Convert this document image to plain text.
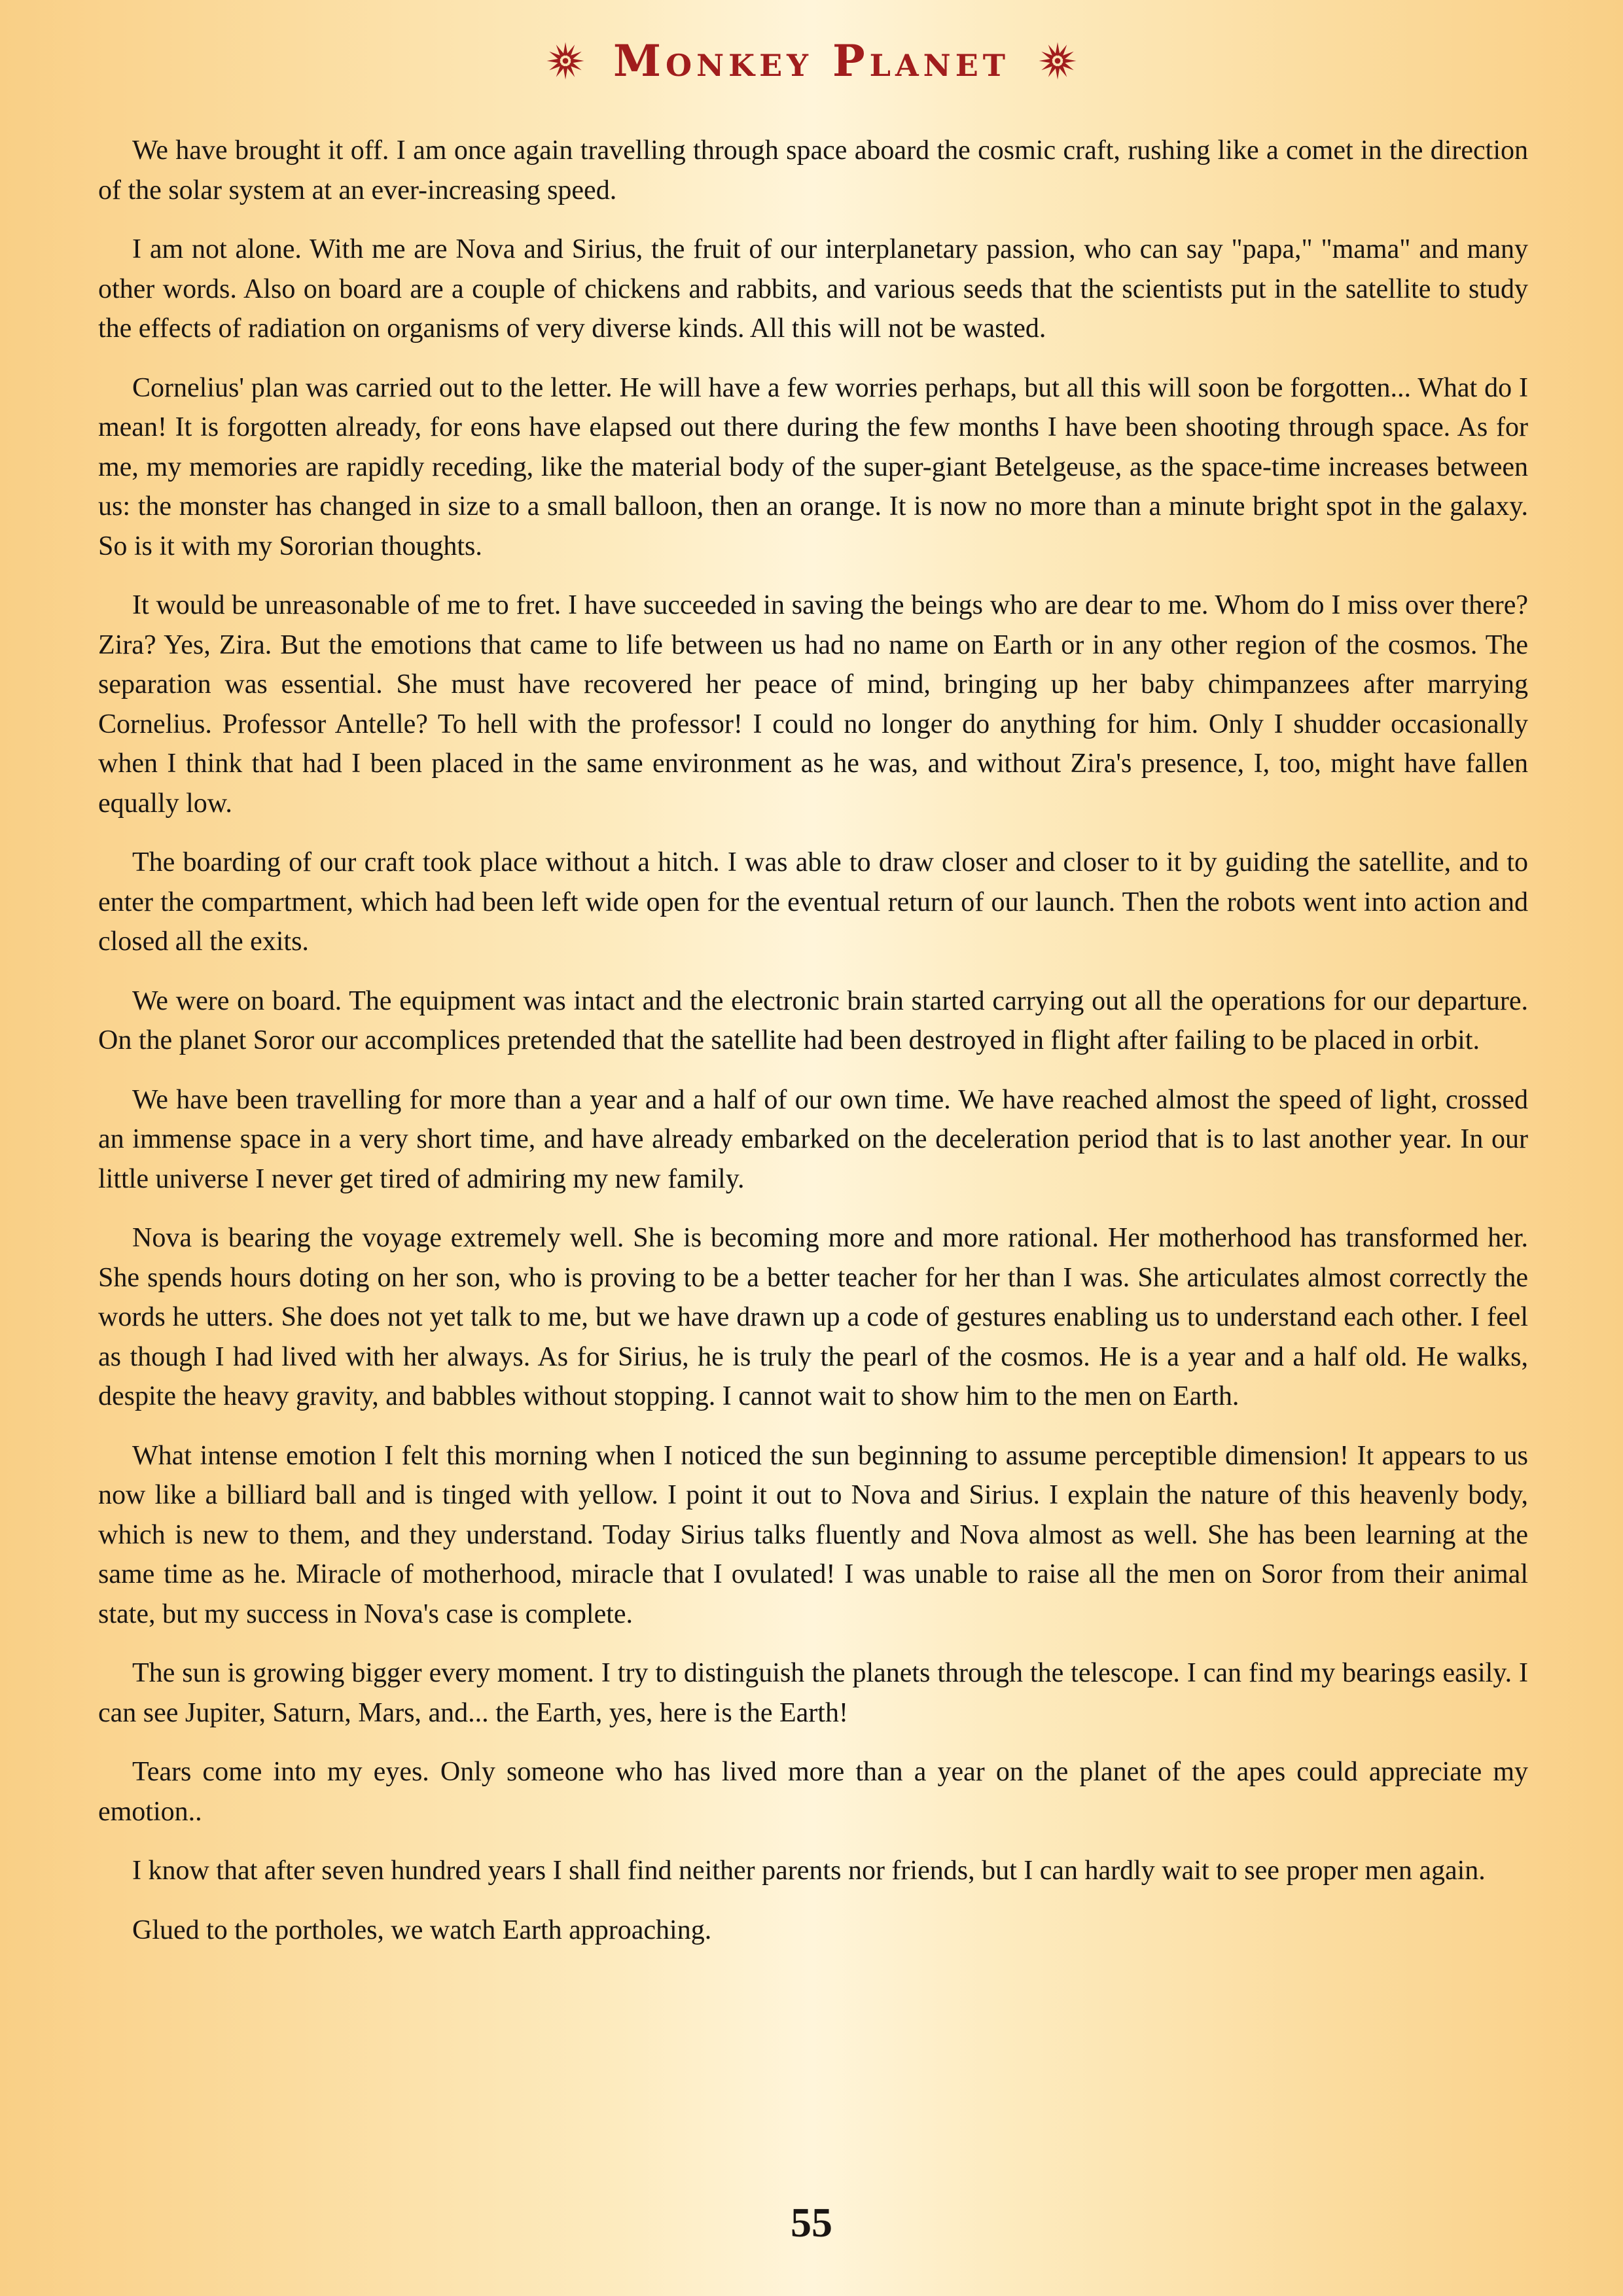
Monkey Planet

We have brought it off. I am once again travelling through space aboard the cosmic craft, rushing like a comet in the direction of the solar system at an ever-increasing speed.

I am not alone. With me are Nova and Sirius, the fruit of our interplanetary passion, who can say "papa," "mama" and many other words. Also on board are a couple of chickens and rabbits, and various seeds that the scientists put in the satellite to study the effects of radiation on organisms of very diverse kinds. All this will not be wasted.

Cornelius' plan was carried out to the letter. He will have a few worries perhaps, but all this will soon be forgotten... What do I mean! It is forgotten already, for eons have elapsed out there during the few months I have been shooting through space. As for me, my memories are rapidly receding, like the material body of the super-giant Betelgeuse, as the space-time increases between us: the monster has changed in size to a small balloon, then an orange. It is now no more than a minute bright spot in the galaxy. So is it with my Sororian thoughts.

It would be unreasonable of me to fret. I have succeeded in saving the beings who are dear to me. Whom do I miss over there? Zira? Yes, Zira. But the emotions that came to life between us had no name on Earth or in any other region of the cosmos. The separation was essential. She must have recovered her peace of mind, bringing up her baby chimpanzees after marrying Cornelius. Professor Antelle? To hell with the professor! I could no longer do anything for him. Only I shudder occasionally when I think that had I been placed in the same environment as he was, and without Zira's presence, I, too, might have fallen equally low.

The boarding of our craft took place without a hitch. I was able to draw closer and closer to it by guiding the satellite, and to enter the compartment, which had been left wide open for the eventual return of our launch. Then the robots went into action and closed all the exits.

We were on board. The equipment was intact and the electronic brain started carrying out all the operations for our departure. On the planet Soror our accomplices pretended that the satellite had been destroyed in flight after failing to be placed in orbit.

We have been travelling for more than a year and a half of our own time. We have reached almost the speed of light, crossed an immense space in a very short time, and have already embarked on the deceleration period that is to last another year. In our little universe I never get tired of admiring my new family.

Nova is bearing the voyage extremely well. She is becoming more and more rational. Her motherhood has transformed her. She spends hours doting on her son, who is proving to be a better teacher for her than I was. She articulates almost correctly the words he utters. She does not yet talk to me, but we have drawn up a code of gestures enabling us to understand each other. I feel as though I had lived with her always. As for Sirius, he is truly the pearl of the cosmos. He is a year and a half old. He walks, despite the heavy gravity, and babbles without stopping. I cannot wait to show him to the men on Earth.

What intense emotion I felt this morning when I noticed the sun beginning to assume perceptible dimension! It appears to us now like a billiard ball and is tinged with yellow. I point it out to Nova and Sirius. I explain the nature of this heavenly body, which is new to them, and they understand. Today Sirius talks fluently and Nova almost as well. She has been learning at the same time as he. Miracle of motherhood, miracle that I ovulated! I was unable to raise all the men on Soror from their animal state, but my success in Nova's case is complete.

The sun is growing bigger every moment. I try to distinguish the planets through the telescope. I can find my bearings easily. I can see Jupiter, Saturn, Mars, and... the Earth, yes, here is the Earth!

Tears come into my eyes. Only someone who has lived more than a year on the planet of the apes could appreciate my emotion..

I know that after seven hundred years I shall find neither parents nor friends, but I can hardly wait to see proper men again.

Glued to the portholes, we watch Earth approaching.

55
